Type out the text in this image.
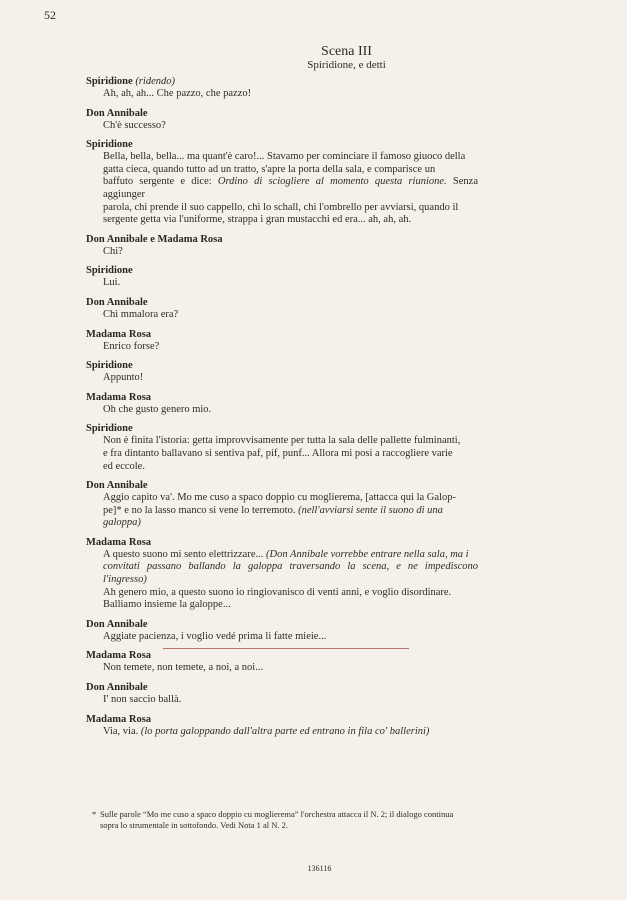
52
Scena III
Spiridione, e detti
Spiridione (ridendo)
Ah, ah, ah... Che pazzo, che pazzo!
Don Annibale
Ch'è successo?
Spiridione
Bella, bella, bella... ma quant'è caro!... Stavamo per cominciare il famoso giuoco della
gatta cieca, quando tutto ad un tratto, s'apre la porta della sala, e comparisce un
baffuto sergente e dice: Ordino di sciogliere al momento questa riunione. Senza aggiunger
parola, chi prende il suo cappello, chi lo schall, chi l'ombrello per avviarsi, quando il
sergente getta via l'uniforme, strappa i gran mustacchi ed era... ah, ah, ah.
Don Annibale e Madama Rosa
Chi?
Spiridione
Lui.
Don Annibale
Chi mmalora era?
Madama Rosa
Enrico forse?
Spiridione
Appunto!
Madama Rosa
Oh che gusto genero mio.
Spiridione
Non è finita l'istoria: getta improvvisamente per tutta la sala delle pallette fulminanti,
e fra dintanto ballavano si sentiva paf, pif, punf... Allora mi posi a raccogliere varie
ed eccole.
Don Annibale
Aggio capito va'. Mo me cuso a spaco doppio cu moglierema, [attacca qui la Galop-
pe]* e no la lasso manco si vene lo terremoto. (nell'avviarsi sente il suono di una
galoppa)
Madama Rosa
A questo suono mi sento elettrizzare... (Don Annibale vorrebbe entrare nella sala, ma i
convitati passano ballando la galoppa traversando la scena, e ne impediscono l'ingresso)
Ah genero mio, a questo suono io ringiovanisco di venti anni, e voglio disordinare.
Balliamo insieme la galoppe...
Don Annibale
Aggiate pacienza, i voglio vedé prima li fatte mieie...
Madama Rosa
Non temete, non temete, a noi, a noi...
Don Annibale
I' non saccio ballà.
Madama Rosa
Via, via. (lo porta galoppando dall'altra parte ed entrano in fila co' ballerini)
* Sulle parole “Mo me cuso a spaco doppio cu moglierema” l'orchestra attacca il N. 2; il dialogo continua
sopra lo strumentale in sottofondo. Vedi Nota 1 al N. 2.
136116
